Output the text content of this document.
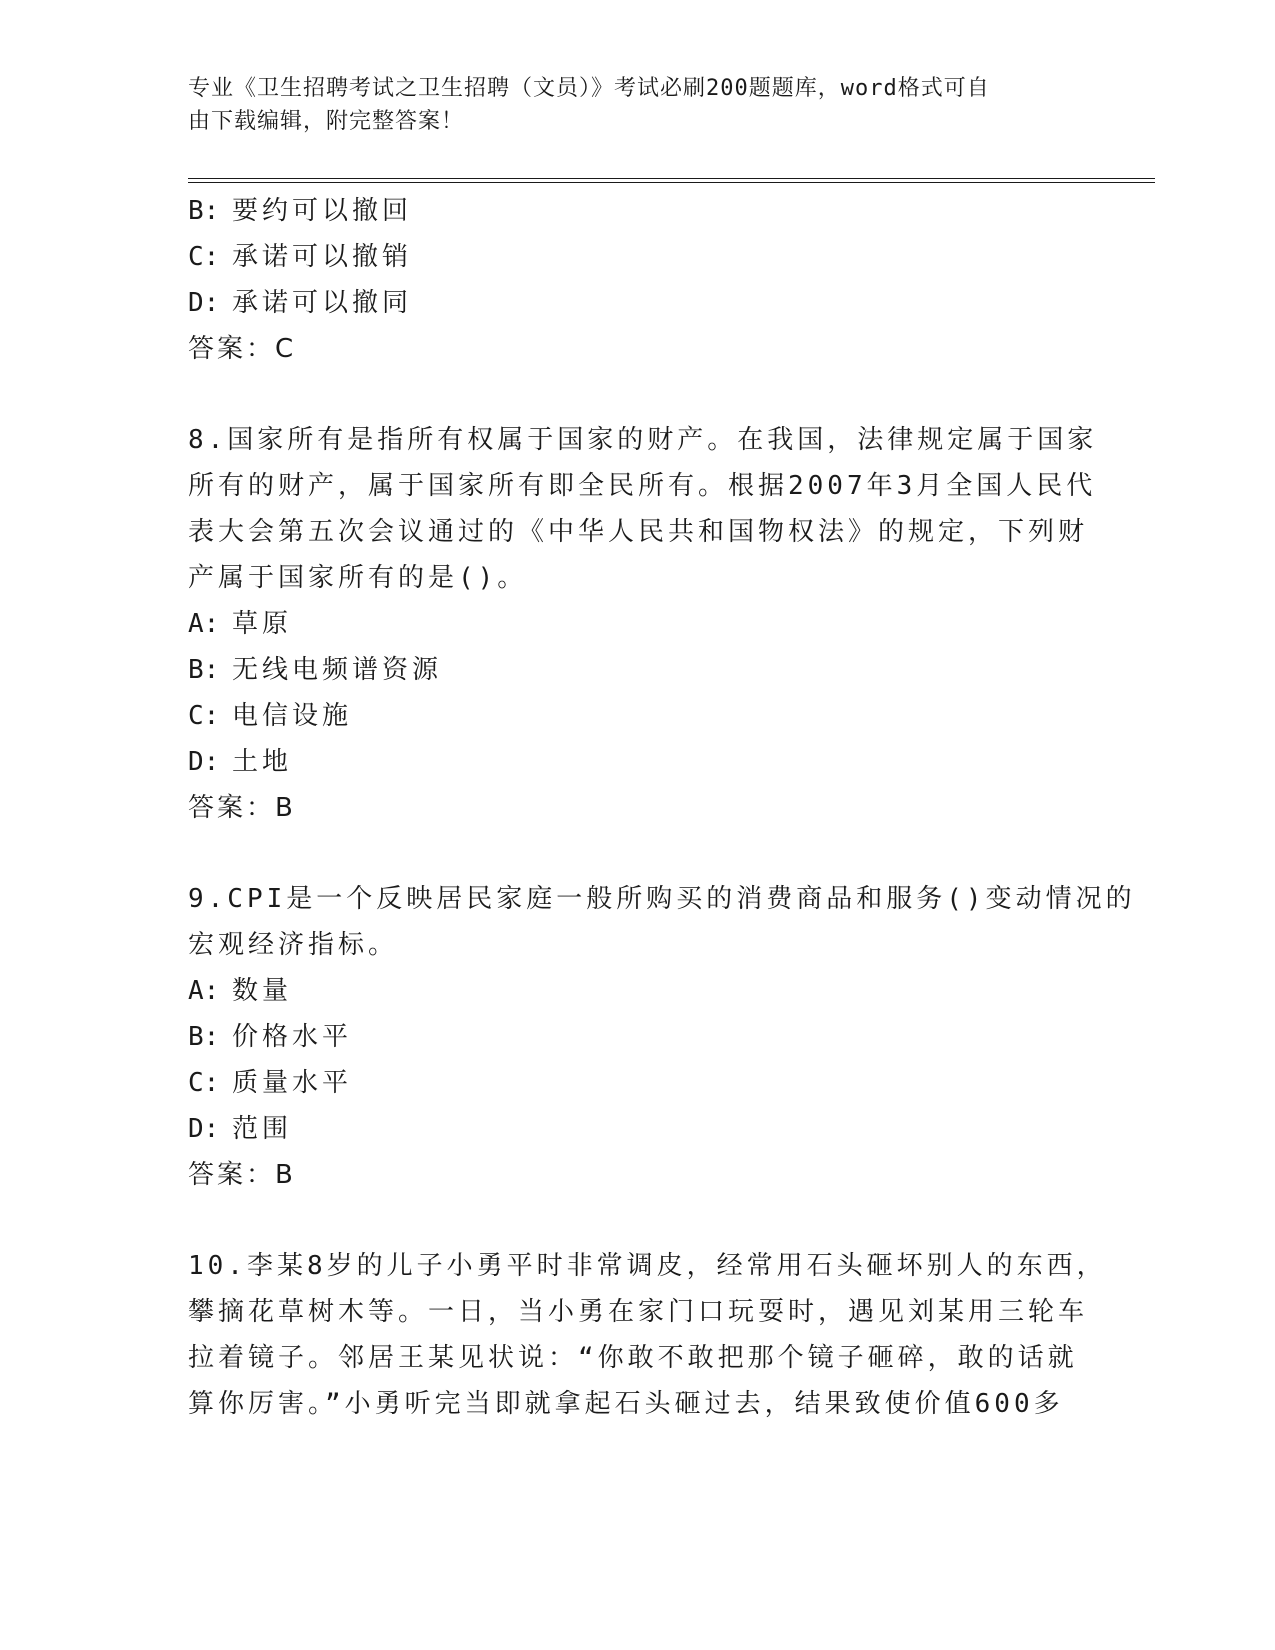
专业《卫生招聘考试之卫生招聘（文员）》考试必刷200题题库，word格式可自
由下载编辑，附完整答案！
B: 要约可以撤回
C: 承诺可以撤销
D: 承诺可以撤同
答案：C
8.国家所有是指所有权属于国家的财产。在我国，法律规定属于国家
所有的财产，属于国家所有即全民所有。根据2007年3月全国人民代
表大会第五次会议通过的《中华人民共和国物权法》的规定，下列财
产属于国家所有的是()。
A: 草原
B: 无线电频谱资源
C: 电信设施
D: 土地
答案：B
9.CPI是一个反映居民家庭一般所购买的消费商品和服务()变动情况的
宏观经济指标。
A: 数量
B: 价格水平
C: 质量水平
D: 范围
答案：B
10.李某8岁的儿子小勇平时非常调皮，经常用石头砸坏别人的东西，
攀摘花草树木等。一日，当小勇在家门口玩耍时，遇见刘某用三轮车
拉着镜子。邻居王某见状说：“你敢不敢把那个镜子砸碎，敢的话就
算你厉害。”小勇听完当即就拿起石头砸过去，结果致使价值600多
